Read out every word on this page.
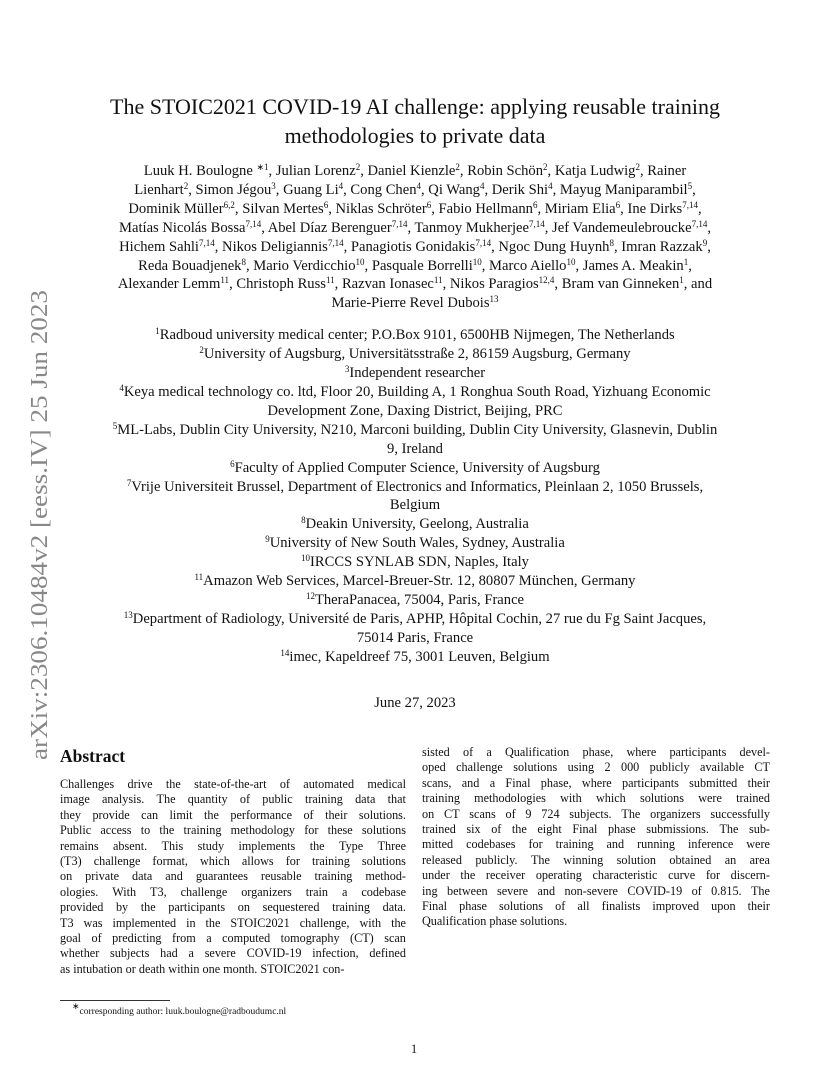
arXiv:2306.10484v2 [eess.IV] 25 Jun 2023
The STOIC2021 COVID-19 AI challenge: applying reusable training
methodologies to private data
Luuk H. Boulogne $^{∗1}$, Julian Lorenz$^2$, Daniel Kienzle$^2$, Robin Schön$^2$, Katja Ludwig$^2$, Rainer
Lienhart$^2$, Simon Jégou$^3$, Guang Li$^4$, Cong Chen$^4$, Qi Wang$^4$, Derik Shi$^4$, Mayug Maniparambil$^5$,
Dominik Müller$^{6,2}$, Silvan Mertes$^6$, Niklas Schröter$^6$, Fabio Hellmann$^6$, Miriam Elia$^6$, Ine Dirks$^{7,14}$,
Matías Nicolás Bossa$^{7,14}$, Abel Díaz Berenguer$^{7,14}$, Tanmoy Mukherjee$^{7,14}$, Jef Vandemeulebroucke$^{7,14}$,
Hichem Sahli$^{7,14}$, Nikos Deligiannis$^{7,14}$, Panagiotis Gonidakis$^{7,14}$, Ngoc Dung Huynh$^8$, Imran Razzak$^9$,
Reda Bouadjenek$^8$, Mario Verdicchio$^{10}$, Pasquale Borrelli$^{10}$, Marco Aiello$^{10}$, James A. Meakin$^1$,
Alexander Lemm$^{11}$, Christoph Russ$^{11}$, Razvan Ionasec$^{11}$, Nikos Paragios$^{12,4}$, Bram van Ginneken$^1$, and
Marie-Pierre Revel Dubois$^{13}$
$^1$Radboud university medical center; P.O.Box 9101, 6500HB Nijmegen, The Netherlands
$^2$University of Augsburg, Universitätsstraße 2, 86159 Augsburg, Germany
$^3$Independent researcher
$^4$Keya medical technology co. ltd, Floor 20, Building A, 1 Ronghua South Road, Yizhuang Economic
Development Zone, Daxing District, Beijing, PRC
$^5$ML-Labs, Dublin City University, N210, Marconi building, Dublin City University, Glasnevin, Dublin
9, Ireland
$^6$Faculty of Applied Computer Science, University of Augsburg
$^7$Vrije Universiteit Brussel, Department of Electronics and Informatics, Pleinlaan 2, 1050 Brussels,
Belgium
$^8$Deakin University, Geelong, Australia
$^9$University of New South Wales, Sydney, Australia
$^{10}$IRCCS SYNLAB SDN, Naples, Italy
$^{11}$Amazon Web Services, Marcel-Breuer-Str. 12, 80807 München, Germany
$^{12}$TheraPanacea, 75004, Paris, France
$^{13}$Department of Radiology, Université de Paris, APHP, Hôpital Cochin, 27 rue du Fg Saint Jacques,
75014 Paris, France
$^{14}$imec, Kapeldreef 75, 3001 Leuven, Belgium
June 27, 2023
Abstract
Challenges drive the state-of-the-art of automated medical
image analysis. The quantity of public training data that
they provide can limit the performance of their solutions.
Public access to the training methodology for these solutions
remains absent. This study implements the Type Three
(T3) challenge format, which allows for training solutions
on private data and guarantees reusable training method-
ologies. With T3, challenge organizers train a codebase
provided by the participants on sequestered training data.
T3 was implemented in the STOIC2021 challenge, with the
goal of predicting from a computed tomography (CT) scan
whether subjects had a severe COVID-19 infection, defined
as intubation or death within one month. STOIC2021 con-
sisted of a Qualification phase, where participants devel-
oped challenge solutions using 2 000 publicly available CT
scans, and a Final phase, where participants submitted their
training methodologies with which solutions were trained
on CT scans of 9 724 subjects. The organizers successfully
trained six of the eight Final phase submissions. The sub-
mitted codebases for training and running inference were
released publicly. The winning solution obtained an area
under the receiver operating characteristic curve for discern-
ing between severe and non-severe COVID-19 of 0.815. The
Final phase solutions of all finalists improved upon their
Qualification phase solutions.
∗corresponding author: luuk.boulogne@radboudumc.nl
1
